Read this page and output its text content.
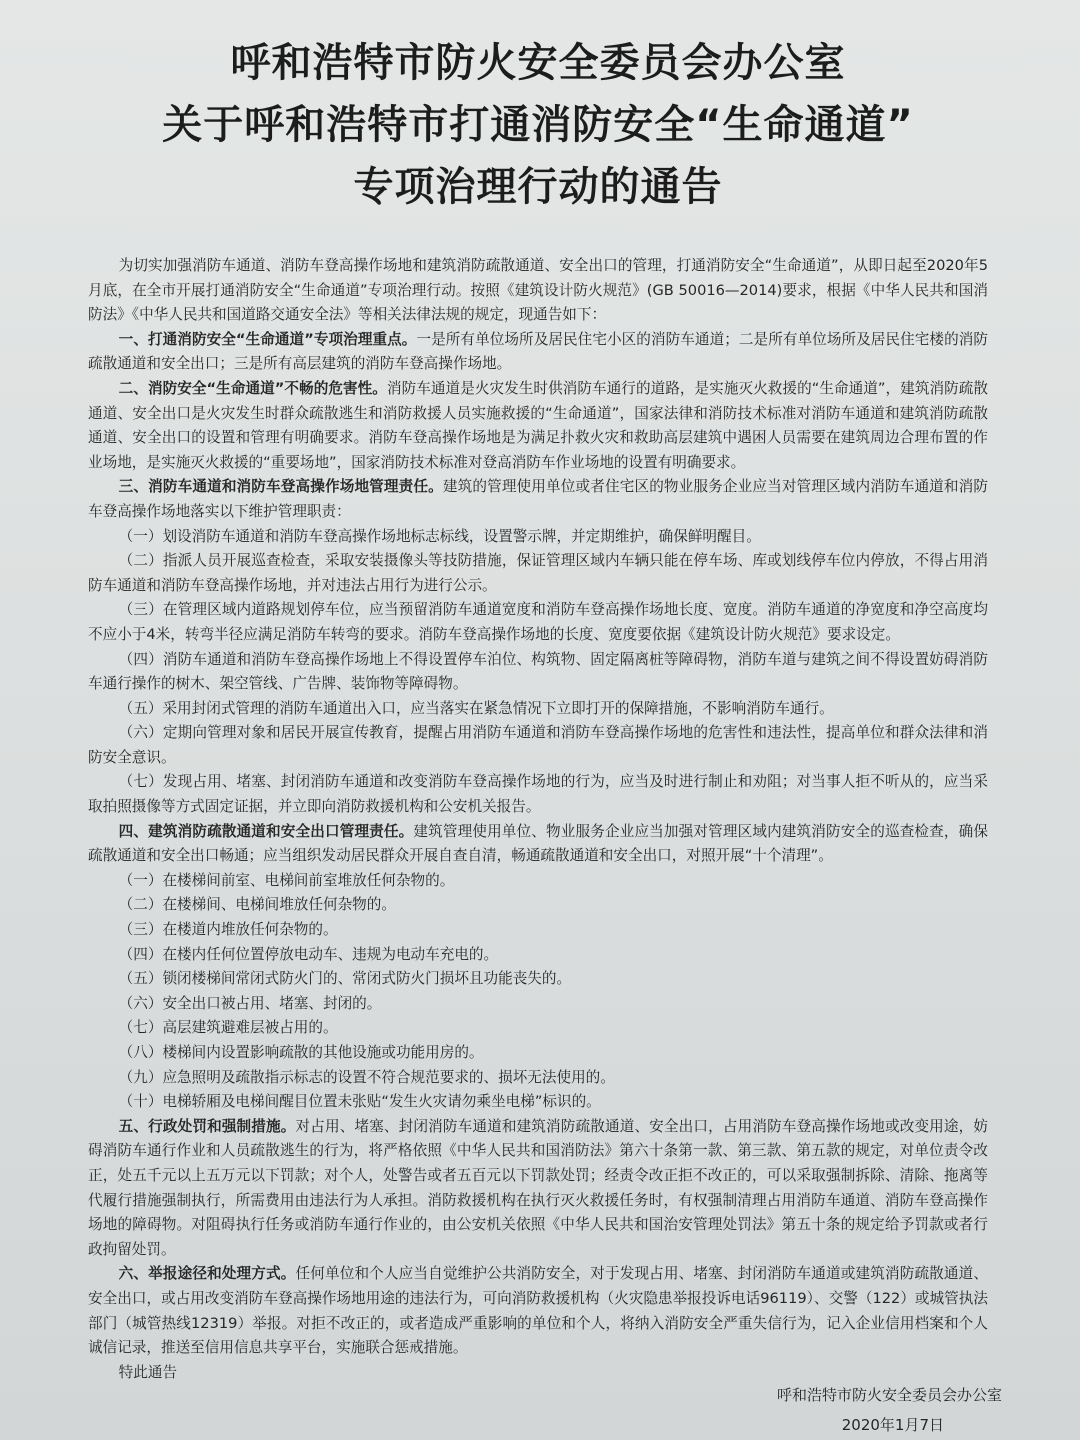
呼和浩特市防火安全委员会办公室
关于呼和浩特市打通消防安全“生命通道”
专项治理行动的通告

为切实加强消防车通道、消防车登高操作场地和建筑消防疏散通道、安全出口的管理，打通消防安全“生命通道”，从即日起至2020年5月底，在全市开展打通消防安全“生命通道”专项治理行动。按照《建筑设计防火规范》(GB 50016—2014)要求，根据《中华人民共和国消防法》《中华人民共和国道路交通安全法》等相关法律法规的规定，现通告如下：

一、打通消防安全“生命通道”专项治理重点。一是所有单位场所及居民住宅小区的消防车通道；二是所有单位场所及居民住宅楼的消防疏散通道和安全出口；三是所有高层建筑的消防车登高操作场地。

二、消防安全“生命通道”不畅的危害性。消防车通道是火灾发生时供消防车通行的道路，是实施灭火救援的“生命通道”，建筑消防疏散通道、安全出口是火灾发生时群众疏散逃生和消防救援人员实施救援的“生命通道”，国家法律和消防技术标准对消防车通道和建筑消防疏散通道、安全出口的设置和管理有明确要求。消防车登高操作场地是为满足扑救火灾和救助高层建筑中遇困人员需要在建筑周边合理布置的作业场地，是实施灭火救援的“重要场地”，国家消防技术标准对登高消防车作业场地的设置有明确要求。

三、消防车通道和消防车登高操作场地管理责任。建筑的管理使用单位或者住宅区的物业服务企业应当对管理区域内消防车通道和消防车登高操作场地落实以下维护管理职责：

（一）划设消防车通道和消防车登高操作场地标志标线，设置警示牌，并定期维护，确保鲜明醒目。

（二）指派人员开展巡查检查，采取安装摄像头等技防措施，保证管理区域内车辆只能在停车场、库或划线停车位内停放，不得占用消防车通道和消防车登高操作场地，并对违法占用行为进行公示。

（三）在管理区域内道路规划停车位，应当预留消防车通道宽度和消防车登高操作场地长度、宽度。消防车通道的净宽度和净空高度均不应小于4米，转弯半径应满足消防车转弯的要求。消防车登高操作场地的长度、宽度要依据《建筑设计防火规范》要求设定。

（四）消防车通道和消防车登高操作场地上不得设置停车泊位、构筑物、固定隔离桩等障碍物，消防车道与建筑之间不得设置妨碍消防车通行操作的树木、架空管线、广告牌、装饰物等障碍物。

（五）采用封闭式管理的消防车通道出入口，应当落实在紧急情况下立即打开的保障措施，不影响消防车通行。

（六）定期向管理对象和居民开展宣传教育，提醒占用消防车通道和消防车登高操作场地的危害性和违法性，提高单位和群众法律和消防安全意识。

（七）发现占用、堵塞、封闭消防车通道和改变消防车登高操作场地的行为，应当及时进行制止和劝阻；对当事人拒不听从的，应当采取拍照摄像等方式固定证据，并立即向消防救援机构和公安机关报告。

四、建筑消防疏散通道和安全出口管理责任。建筑管理使用单位、物业服务企业应当加强对管理区域内建筑消防安全的巡查检查，确保疏散通道和安全出口畅通；应当组织发动居民群众开展自查自清，畅通疏散通道和安全出口，对照开展“十个清理”。

（一）在楼梯间前室、电梯间前室堆放任何杂物的。

（二）在楼梯间、电梯间堆放任何杂物的。

（三）在楼道内堆放任何杂物的。

（四）在楼内任何位置停放电动车、违规为电动车充电的。

（五）锁闭楼梯间常闭式防火门的、常闭式防火门损坏且功能丧失的。

（六）安全出口被占用、堵塞、封闭的。

（七）高层建筑避难层被占用的。

（八）楼梯间内设置影响疏散的其他设施或功能用房的。

（九）应急照明及疏散指示标志的设置不符合规范要求的、损坏无法使用的。

（十）电梯轿厢及电梯间醒目位置未张贴“发生火灾请勿乘坐电梯”标识的。

五、行政处罚和强制措施。对占用、堵塞、封闭消防车通道和建筑消防疏散通道、安全出口，占用消防车登高操作场地或改变用途，妨碍消防车通行作业和人员疏散逃生的行为，将严格依照《中华人民共和国消防法》第六十条第一款、第三款、第五款的规定，对单位责令改正，处五千元以上五万元以下罚款；对个人，处警告或者五百元以下罚款处罚；经责令改正拒不改正的，可以采取强制拆除、清除、拖离等代履行措施强制执行，所需费用由违法行为人承担。消防救援机构在执行灭火救援任务时，有权强制清理占用消防车通道、消防车登高操作场地的障碍物。对阻碍执行任务或消防车通行作业的，由公安机关依照《中华人民共和国治安管理处罚法》第五十条的规定给予罚款或者行政拘留处罚。

六、举报途径和处理方式。任何单位和个人应当自觉维护公共消防安全，对于发现占用、堵塞、封闭消防车通道或建筑消防疏散通道、安全出口，或占用改变消防车登高操作场地用途的违法行为，可向消防救援机构（火灾隐患举报投诉电话96119）、交警（122）或城管执法部门（城管热线12319）举报。对拒不改正的，或者造成严重影响的单位和个人，将纳入消防安全严重失信行为，记入企业信用档案和个人诚信记录，推送至信用信息共享平台，实施联合惩戒措施。

特此通告

呼和浩特市防火安全委员会办公室
2020年1月7日
